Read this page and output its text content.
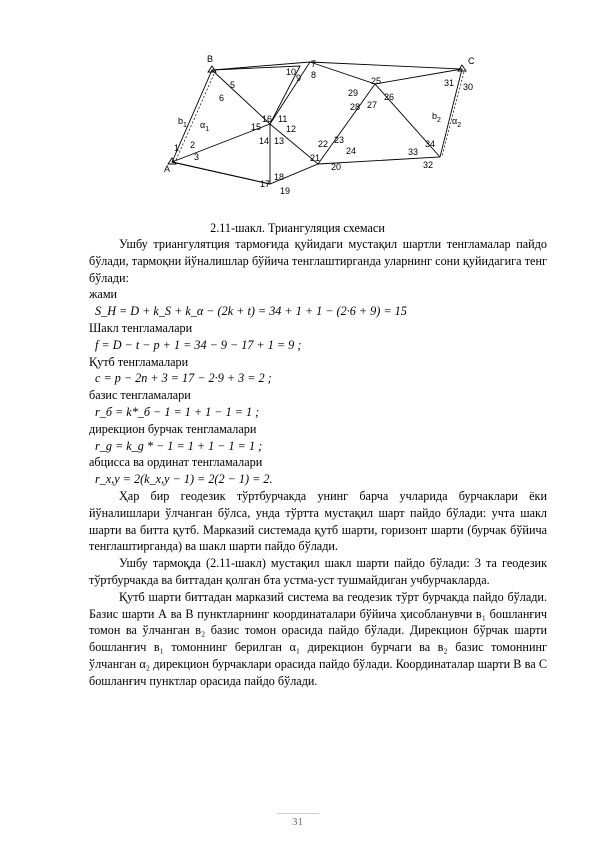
A
B	C
$b_1$
$b_2$
$\alpha_1$
$\alpha_2$
1 2
3
5
6
7
8
9
10
11
12
13
14
15
16
17
18
19
20
21
22 23
24
25
26
27
28
29
30
31
32
33
34
2.11-шакл. Триангуляция схемаси

Ушбу триангулятция тармоғида қуйидаги мустақил шартли тенгламалар пайдо бўлади, тармоқни йўналишлар бўйича тенглаштирганда уларнинг сони қуйидагига тенг бўлади:

жами

S_Н = D + k_S + k_α − (2k + t) = 34 + 1 + 1 − (2·6 + 9) = 15

Шакл тенгламалари

f = D − t − p + 1 = 34 − 9 − 17 + 1 = 9 ;

Қутб тенгламалари

c = p − 2n + 3 = 17 − 2·9 + 3 = 2 ;

базис тенгламалари

r_б = k*_б − 1 = 1 + 1 − 1 = 1 ;

дирекцион бурчак тенгламалари

r_g = k_g * − 1 = 1 + 1 − 1 = 1 ;

абцисса ва ординат тенгламалари

r_x,y = 2(k_x,y − 1) = 2(2 − 1) = 2.

Ҳар бир геодезик тўртбурчакда унинг барча учларида бурчаклари ёки йўналишлари ўлчанган бўлса, унда тўртта мустақил шарт пайдо бўлади: учта шакл шарти ва битта қутб. Марказий системада қутб шарти, горизонт шарти (бурчак бўйича тенглаштирганда) ва шакл шарти пайдо бўлади.

Ушбу тармоқда (2.11-шакл) мустақил шакл шарти пайдо бўлади: 3 та геодезик тўртбурчакда ва биттадан қолган бта устма-уст тушмайдиган учбурчакларда.

Қутб шарти биттадан марказий система ва геодезик тўрт бурчакда пайдо бўлади. Базис шарти А ва В пунктларнинг координаталари бўйича ҳисобланувчи в₁ бошланғич томон ва ўлчанган в₂ базис томон орасида пайдо бўлади. Дирекцион бўрчак шарти бошланғич в₁ томоннинг берилган α₁ дирекцион бурчаги ва в₂ базис томоннинг ўлчанган α₂ дирекцион бурчаклари орасида пайдо бўлади. Координаталар шарти В ва С бошланғич пунктлар орасида пайдо бўлади.

31
